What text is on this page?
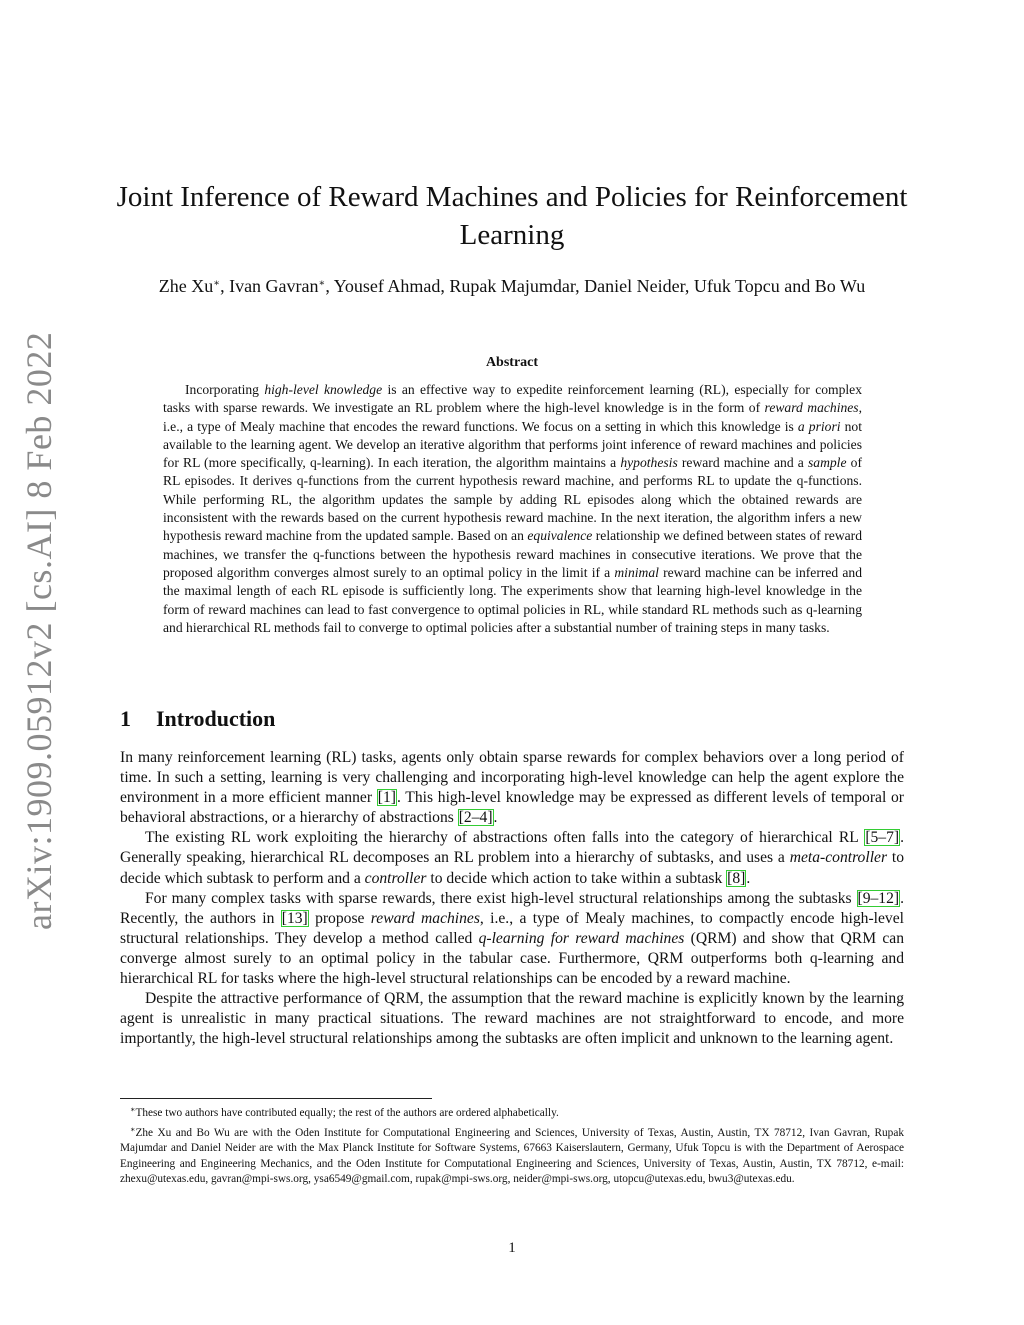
arXiv:1909.05912v2 [cs.AI] 8 Feb 2022
Joint Inference of Reward Machines and Policies for Reinforcement
Learning
Zhe Xu∗, Ivan Gavran∗, Yousef Ahmad, Rupak Majumdar, Daniel Neider, Ufuk Topcu and Bo Wu
Abstract

Incorporating high-level knowledge is an effective way to expedite reinforcement learning (RL), especially for complex tasks with sparse rewards. We investigate an RL problem where the high-level knowledge is in the form of reward machines, i.e., a type of Mealy machine that encodes the reward functions. We focus on a setting in which this knowledge is a priori not available to the learning agent. We develop an iterative algorithm that performs joint inference of reward machines and policies for RL (more specifically, q-learning). In each iteration, the algorithm maintains a hypothesis reward machine and a sample of RL episodes. It derives q-functions from the current hypothesis reward machine, and performs RL to update the q-functions. While performing RL, the algorithm updates the sample by adding RL episodes along which the obtained rewards are inconsistent with the rewards based on the current hypothesis reward machine. In the next iteration, the algorithm infers a new hypothesis reward machine from the updated sample. Based on an equivalence relationship we defined between states of reward machines, we transfer the q-functions between the hypothesis reward machines in consecutive iterations. We prove that the proposed algorithm converges almost surely to an optimal policy in the limit if a minimal reward machine can be inferred and the maximal length of each RL episode is sufficiently long. The experiments show that learning high-level knowledge in the form of reward machines can lead to fast convergence to optimal policies in RL, while standard RL methods such as q-learning and hierarchical RL methods fail to converge to optimal policies after a substantial number of training steps in many tasks.

1 Introduction

In many reinforcement learning (RL) tasks, agents only obtain sparse rewards for complex behaviors over a long period of time. In such a setting, learning is very challenging and incorporating high-level knowledge can help the agent explore the environment in a more efficient manner [1]. This high-level knowledge may be expressed as different levels of temporal or behavioral abstractions, or a hierarchy of abstractions [2–4].

The existing RL work exploiting the hierarchy of abstractions often falls into the category of hierarchical RL [5–7]. Generally speaking, hierarchical RL decomposes an RL problem into a hierarchy of subtasks, and uses a meta-controller to decide which subtask to perform and a controller to decide which action to take within a subtask [8].

For many complex tasks with sparse rewards, there exist high-level structural relationships among the subtasks [9–12]. Recently, the authors in [13] propose reward machines, i.e., a type of Mealy machines, to compactly encode high-level structural relationships. They develop a method called q-learning for reward machines (QRM) and show that QRM can converge almost surely to an optimal policy in the tabular case. Furthermore, QRM outperforms both q-learning and hierarchical RL for tasks where the high-level structural relationships can be encoded by a reward machine.

Despite the attractive performance of QRM, the assumption that the reward machine is explicitly known by the learning agent is unrealistic in many practical situations. The reward machines are not straightforward to encode, and more importantly, the high-level structural relationships among the subtasks are often implicit and unknown to the learning agent.

∗These two authors have contributed equally; the rest of the authors are ordered alphabetically.

∗Zhe Xu and Bo Wu are with the Oden Institute for Computational Engineering and Sciences, University of Texas, Austin, Austin, TX 78712, Ivan Gavran, Rupak Majumdar and Daniel Neider are with the Max Planck Institute for Software Systems, 67663 Kaiserslautern, Germany, Ufuk Topcu is with the Department of Aerospace Engineering and Engineering Mechanics, and the Oden Institute for Computational Engineering and Sciences, University of Texas, Austin, Austin, TX 78712, e-mail: zhexu@utexas.edu, gavran@mpi-sws.org, ysa6549@gmail.com, rupak@mpi-sws.org, neider@mpi-sws.org, utopcu@utexas.edu, bwu3@utexas.edu.

1
